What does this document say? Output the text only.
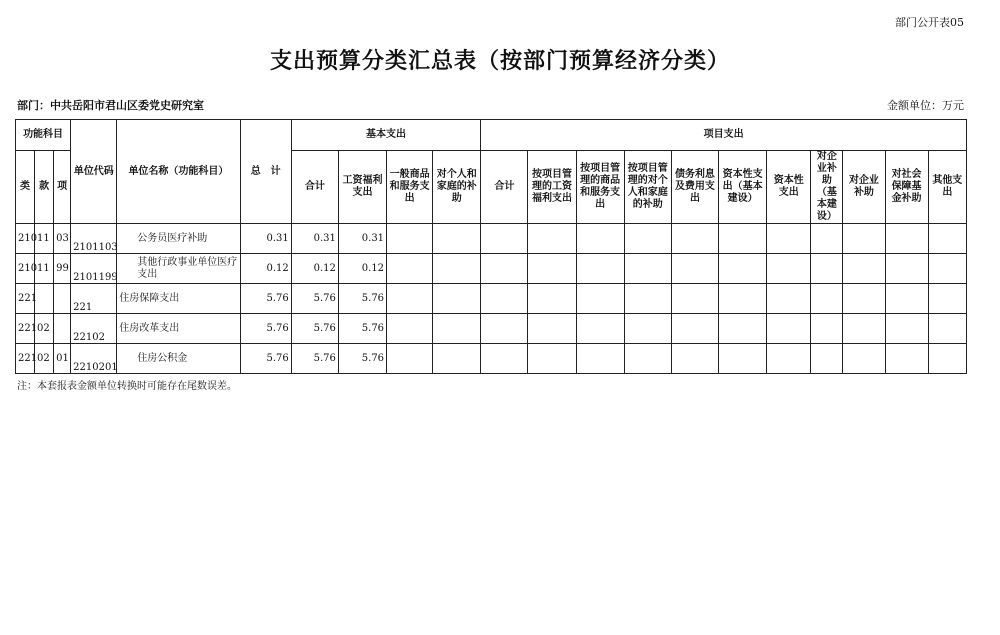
部门公开表05
支出预算分类汇总表（按部门预算经济分类）
部门：中共岳阳市君山区委党史研究室	金额单位：万元
功能科目			单位代码	单位名称（功能科目）	总　计	基本支出				项目支出										
类	款	项				合计	工资福利支出	一般商品和服务支出	对个人和家庭的补助	合计	按项目管理的工资福利支出	按项目管理的商品和服务支出	按项目管理的对个人和家庭的补助	债务利息及费用支出	资本性支出（基本建设）	资本性支出	对企业补助（基本建设）	对企业补助	对社会保障基金补助	其他支出
210	11	03	2101103	公务员医疗补助	0.31	0.31	0.31													
210	11	99	2101199	其他行政事业单位医疗支出	0.12	0.12	0.12													
221			221	住房保障支出	5.76	5.76	5.76													
221	02		22102	住房改革支出	5.76	5.76	5.76													
221	02	01	2210201	住房公积金	5.76	5.76	5.76													
注：本套报表金额单位转换时可能存在尾数误差。
